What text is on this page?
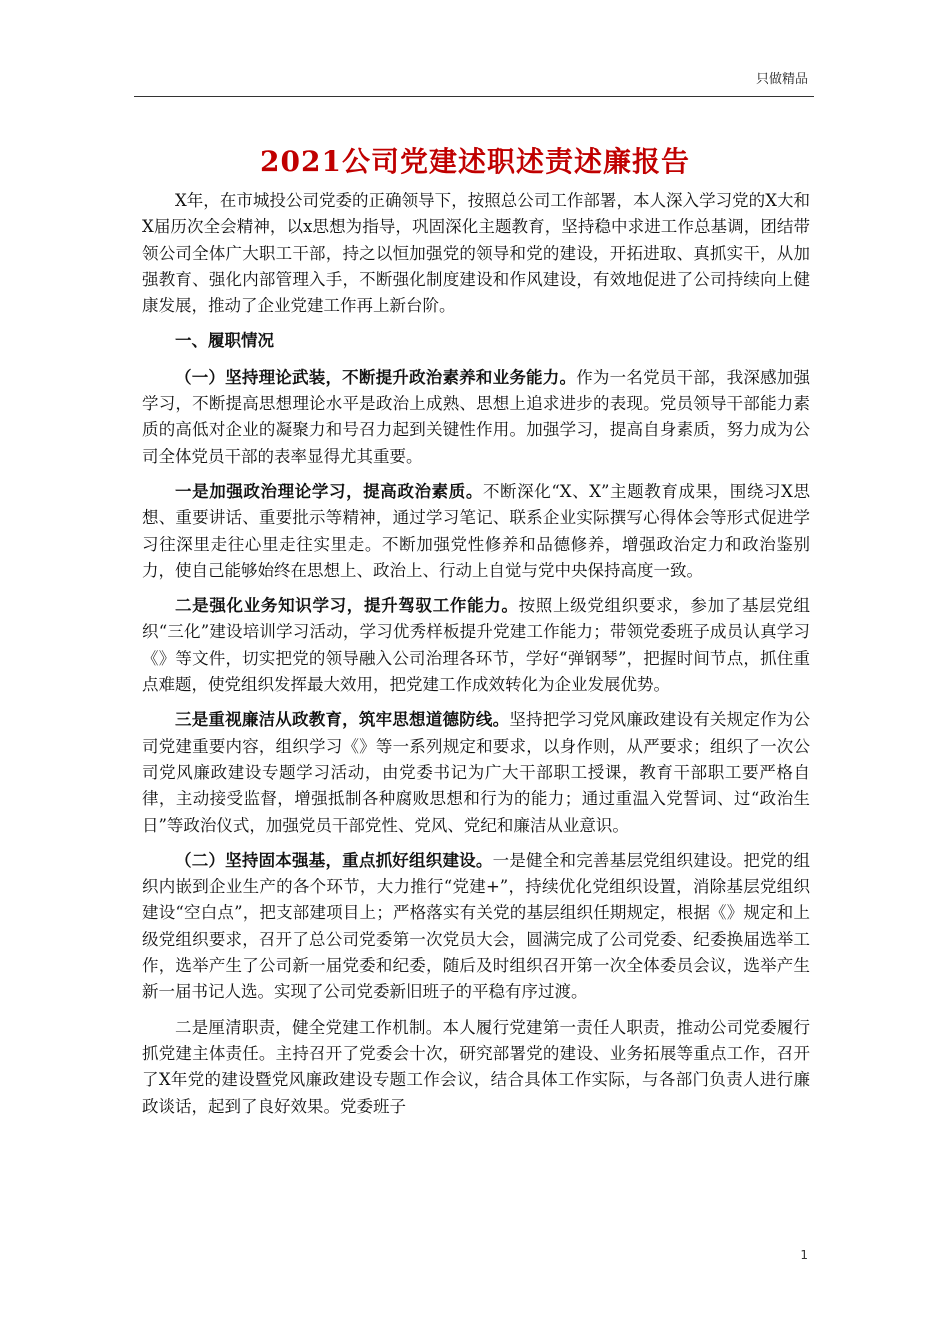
只做精品
2021公司党建述职述责述廉报告

X年，在市城投公司党委的正确领导下，按照总公司工作部署，本人深入学习党的X大和X届历次全会精神，以x思想为指导，巩固深化主题教育，坚持稳中求进工作总基调，团结带领公司全体广大职工干部，持之以恒加强党的领导和党的建设，开拓进取、真抓实干，从加强教育、强化内部管理入手，不断强化制度建设和作风建设，有效地促进了公司持续向上健康发展，推动了企业党建工作再上新台阶。

一、履职情况

（一）坚持理论武装，不断提升政治素养和业务能力。作为一名党员干部，我深感加强学习，不断提高思想理论水平是政治上成熟、思想上追求进步的表现。党员领导干部能力素质的高低对企业的凝聚力和号召力起到关键性作用。加强学习，提高自身素质，努力成为公司全体党员干部的表率显得尤其重要。

一是加强政治理论学习，提高政治素质。不断深化“X、X”主题教育成果，围绕习X思想、重要讲话、重要批示等精神，通过学习笔记、联系企业实际撰写心得体会等形式促进学习往深里走往心里走往实里走。不断加强党性修养和品德修养，增强政治定力和政治鉴别力，使自己能够始终在思想上、政治上、行动上自觉与党中央保持高度一致。

二是强化业务知识学习，提升驾驭工作能力。按照上级党组织要求，参加了基层党组织“三化”建设培训学习活动，学习优秀样板提升党建工作能力；带领党委班子成员认真学习《》等文件，切实把党的领导融入公司治理各环节，学好“弹钢琴”，把握时间节点，抓住重点难题，使党组织发挥最大效用，把党建工作成效转化为企业发展优势。

三是重视廉洁从政教育，筑牢思想道德防线。坚持把学习党风廉政建设有关规定作为公司党建重要内容，组织学习《》等一系列规定和要求，以身作则，从严要求；组织了一次公司党风廉政建设专题学习活动，由党委书记为广大干部职工授课，教育干部职工要严格自律，主动接受监督，增强抵制各种腐败思想和行为的能力；通过重温入党誓词、过“政治生日”等政治仪式，加强党员干部党性、党风、党纪和廉洁从业意识。

（二）坚持固本强基，重点抓好组织建设。一是健全和完善基层党组织建设。把党的组织内嵌到企业生产的各个环节，大力推行“党建+”，持续优化党组织设置，消除基层党组织建设“空白点”，把支部建项目上；严格落实有关党的基层组织任期规定，根据《》规定和上级党组织要求，召开了总公司党委第一次党员大会，圆满完成了公司党委、纪委换届选举工作，选举产生了公司新一届党委和纪委，随后及时组织召开第一次全体委员会议，选举产生新一届书记人选。实现了公司党委新旧班子的平稳有序过渡。

二是厘清职责，健全党建工作机制。本人履行党建第一责任人职责，推动公司党委履行抓党建主体责任。主持召开了党委会十次，研究部署党的建设、业务拓展等重点工作，召开了X年党的建设暨党风廉政建设专题工作会议，结合具体工作实际，与各部门负责人进行廉政谈话，起到了良好效果。党委班子

1
